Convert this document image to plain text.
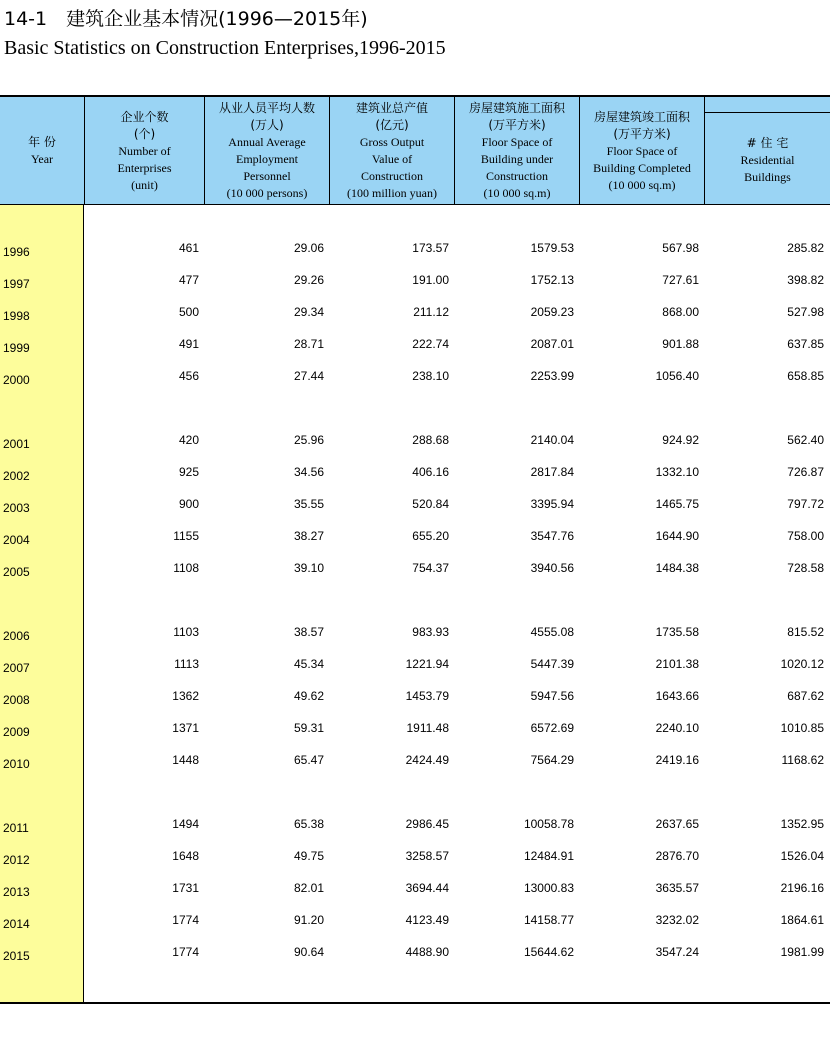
14-1　建筑企业基本情况(1996—2015年)
Basic Statistics on Construction Enterprises,1996-2015
年 份
Year
企业个数
(个)
Number of
Enterprises
(unit)
从业人员平均人数
(万人)
Annual Average
Employment
Personnel
(10 000 persons)
建筑业总产值
(亿元)
Gross Output
Value of
Construction
(100 million yuan)
房屋建筑施工面积
(万平方米)
Floor Space of
Building under
Construction
(10 000 sq.m)
房屋建筑竣工面积
(万平方米)
Floor Space of
Building Completed
(10 000 sq.m)
# 住 宅
Residential
Buildings
1996	461	29.06	173.57	1579.53	567.98	285.82
1997	477	29.26	191.00	1752.13	727.61	398.82
1998	500	29.34	211.12	2059.23	868.00	527.98
1999	491	28.71	222.74	2087.01	901.88	637.85
2000	456	27.44	238.10	2253.99	1056.40	658.85
2001	420	25.96	288.68	2140.04	924.92	562.40
2002	925	34.56	406.16	2817.84	1332.10	726.87
2003	900	35.55	520.84	3395.94	1465.75	797.72
2004	1155	38.27	655.20	3547.76	1644.90	758.00
2005	1108	39.10	754.37	3940.56	1484.38	728.58
2006	1103	38.57	983.93	4555.08	1735.58	815.52
2007	1113	45.34	1221.94	5447.39	2101.38	1020.12
2008	1362	49.62	1453.79	5947.56	1643.66	687.62
2009	1371	59.31	1911.48	6572.69	2240.10	1010.85
2010	1448	65.47	2424.49	7564.29	2419.16	1168.62
2011	1494	65.38	2986.45	10058.78	2637.65	1352.95
2012	1648	49.75	3258.57	12484.91	2876.70	1526.04
2013	1731	82.01	3694.44	13000.83	3635.57	2196.16
2014	1774	91.20	4123.49	14158.77	3232.02	1864.61
2015	1774	90.64	4488.90	15644.62	3547.24	1981.99
